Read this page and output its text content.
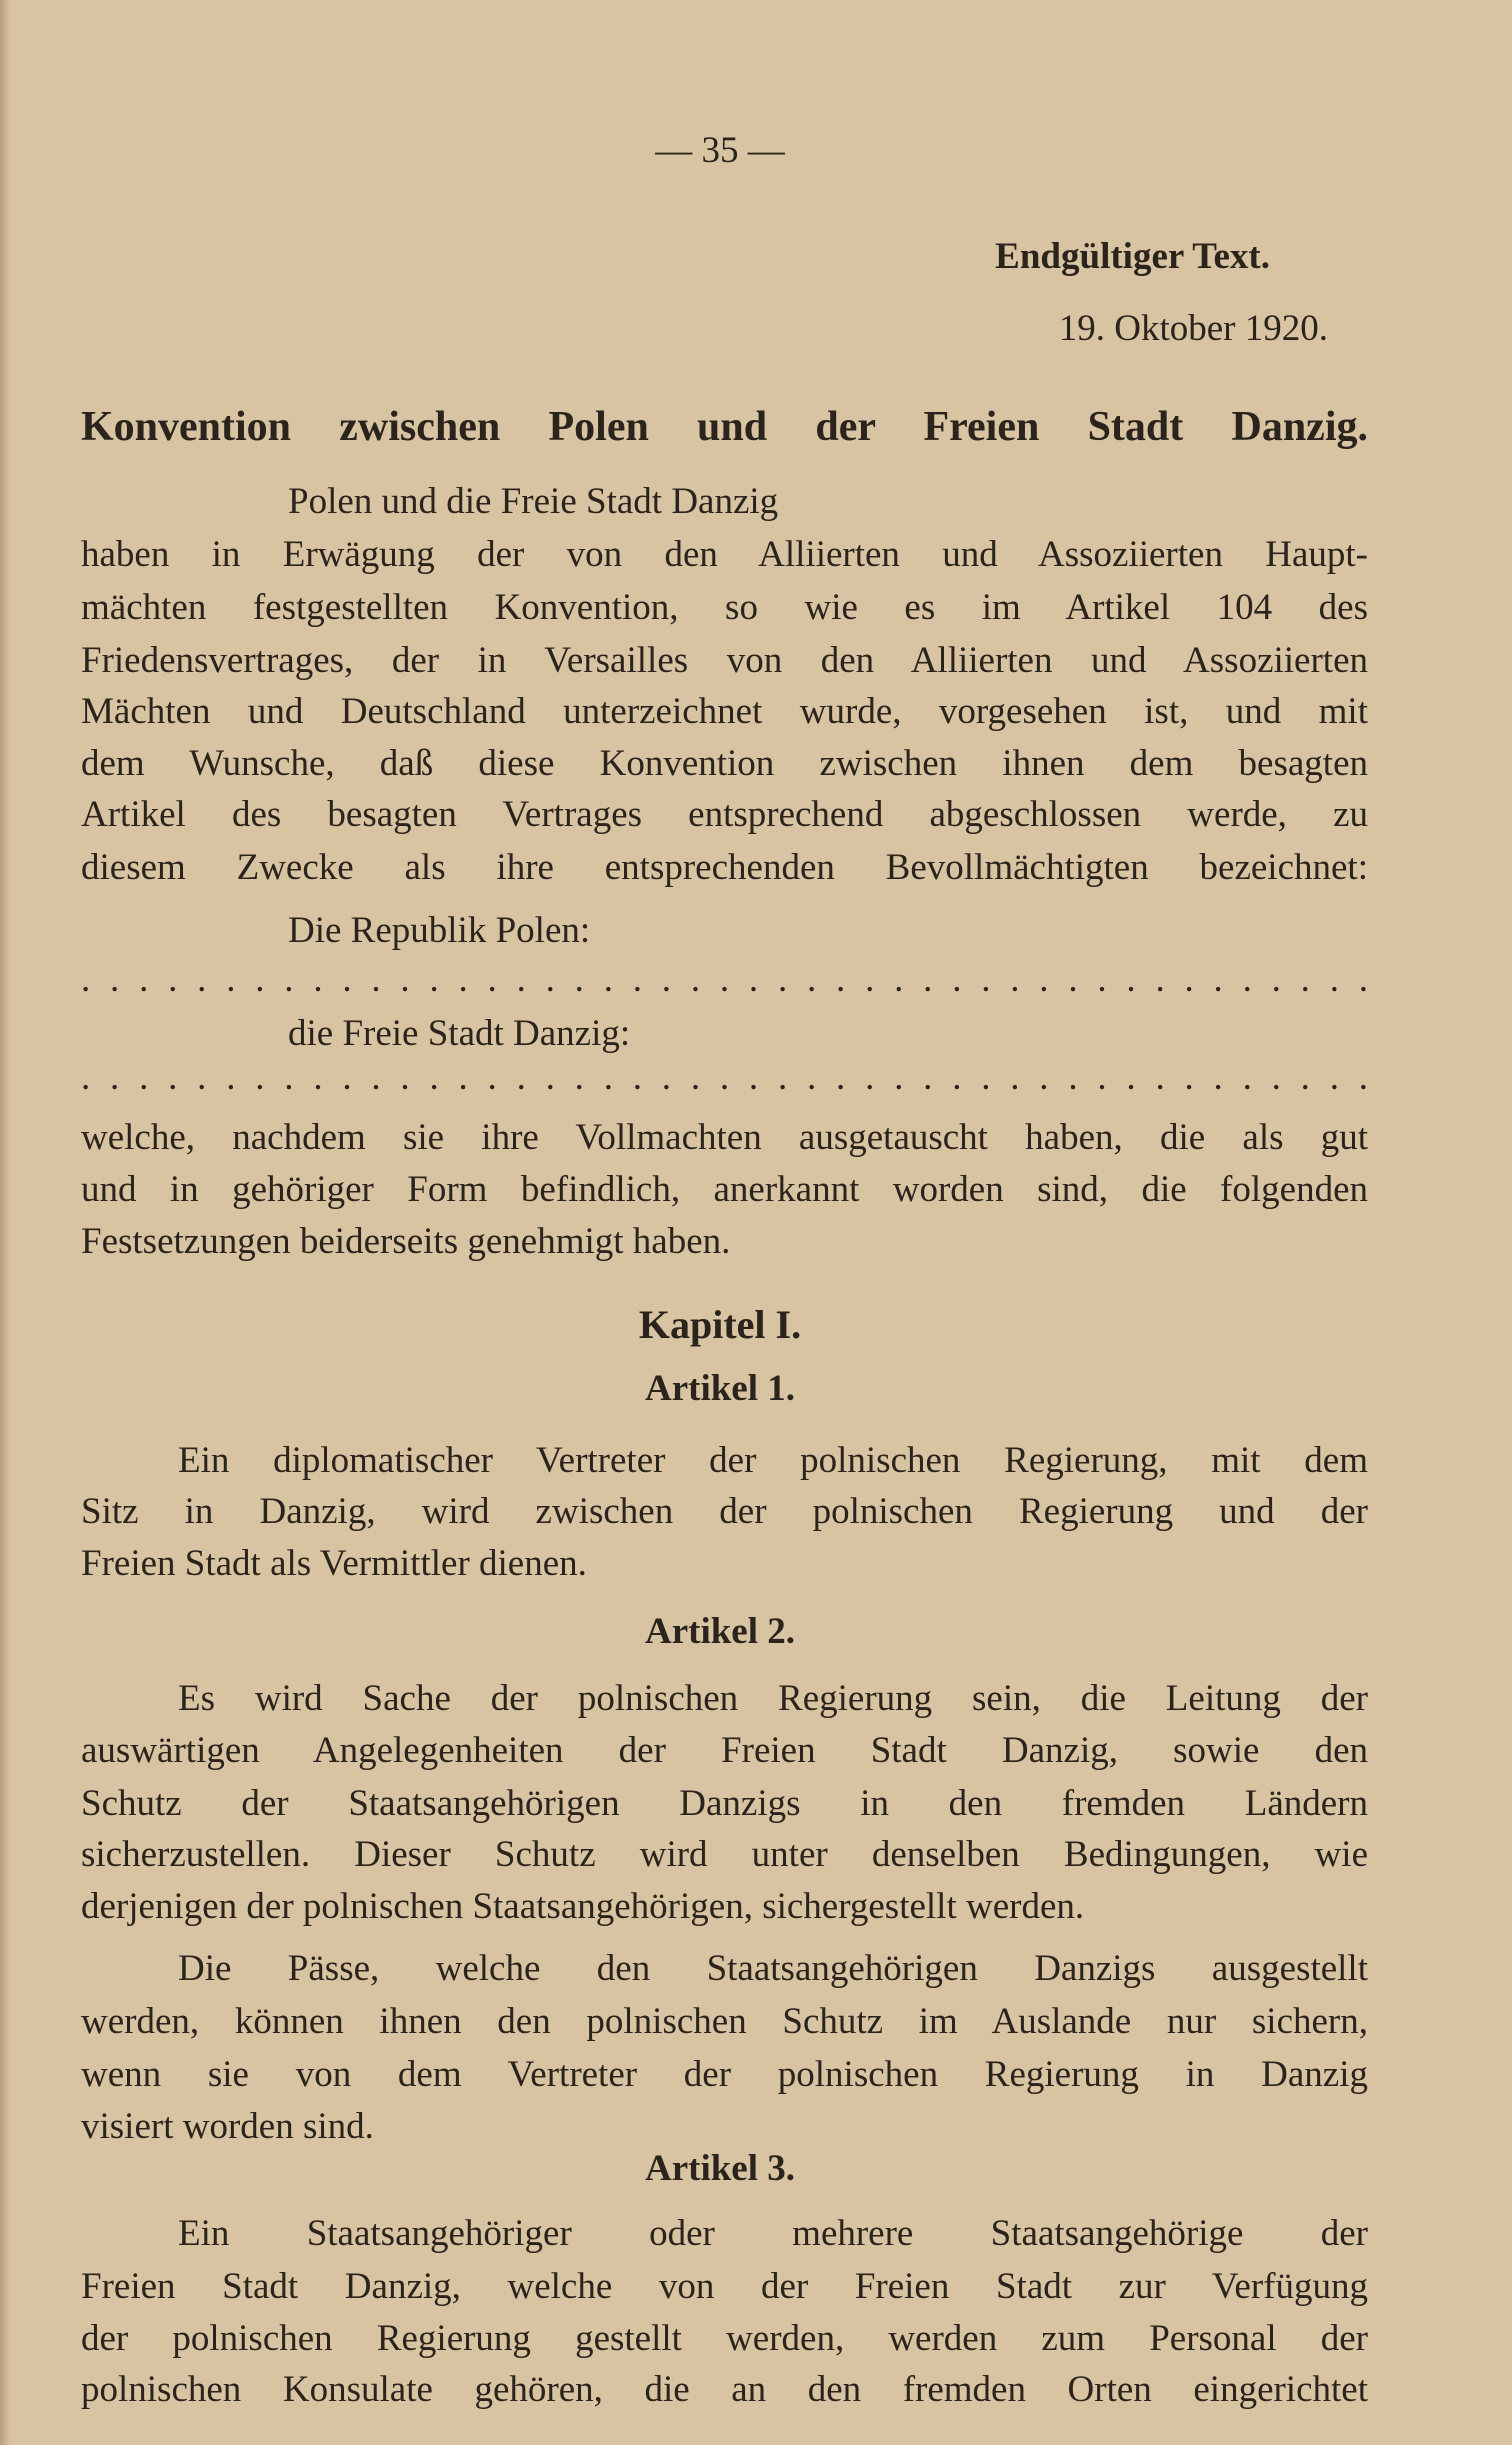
— 35 —
Endgültiger Text.
19. Oktober 1920.
Konvention zwischen Polen und der Freien Stadt Danzig.
Polen und die Freie Stadt Danzig
haben in Erwägung der von den Alliierten und Assoziierten Haupt-
mächten festgestellten Konvention, so wie es im Artikel 104 des
Friedensvertrages, der in Versailles von den Alliierten und Assoziierten
Mächten und Deutschland unterzeichnet wurde, vorgesehen ist, und mit
dem Wunsche, daß diese Konvention zwischen ihnen dem besagten
Artikel des besagten Vertrages entsprechend abgeschlossen werde, zu
diesem Zwecke als ihre entsprechenden Bevollmächtigten bezeichnet:
Die Republik Polen:
. . . . . . . . . . . . . . . . . . . . . . . . . . . . . . . . . . . . . . . . . . . . .
die Freie Stadt Danzig:
. . . . . . . . . . . . . . . . . . . . . . . . . . . . . . . . . . . . . . . . . . . . .
welche, nachdem sie ihre Vollmachten ausgetauscht haben, die als gut
und in gehöriger Form befindlich, anerkannt worden sind, die folgenden
Festsetzungen beiderseits genehmigt haben.
Kapitel I.
Artikel 1.
Ein diplomatischer Vertreter der polnischen Regierung, mit dem
Sitz in Danzig, wird zwischen der polnischen Regierung und der
Freien Stadt als Vermittler dienen.
Artikel 2.
Es wird Sache der polnischen Regierung sein, die Leitung der
auswärtigen Angelegenheiten der Freien Stadt Danzig, sowie den
Schutz der Staatsangehörigen Danzigs in den fremden Ländern
sicherzustellen. Dieser Schutz wird unter denselben Bedingungen, wie
derjenigen der polnischen Staatsangehörigen, sichergestellt werden.
Die Pässe, welche den Staatsangehörigen Danzigs ausgestellt
werden, können ihnen den polnischen Schutz im Auslande nur sichern,
wenn sie von dem Vertreter der polnischen Regierung in Danzig
visiert worden sind.
Artikel 3.
Ein Staatsangehöriger oder mehrere Staatsangehörige der
Freien Stadt Danzig, welche von der Freien Stadt zur Verfügung
der polnischen Regierung gestellt werden, werden zum Personal der
polnischen Konsulate gehören, die an den fremden Orten eingerichtet
